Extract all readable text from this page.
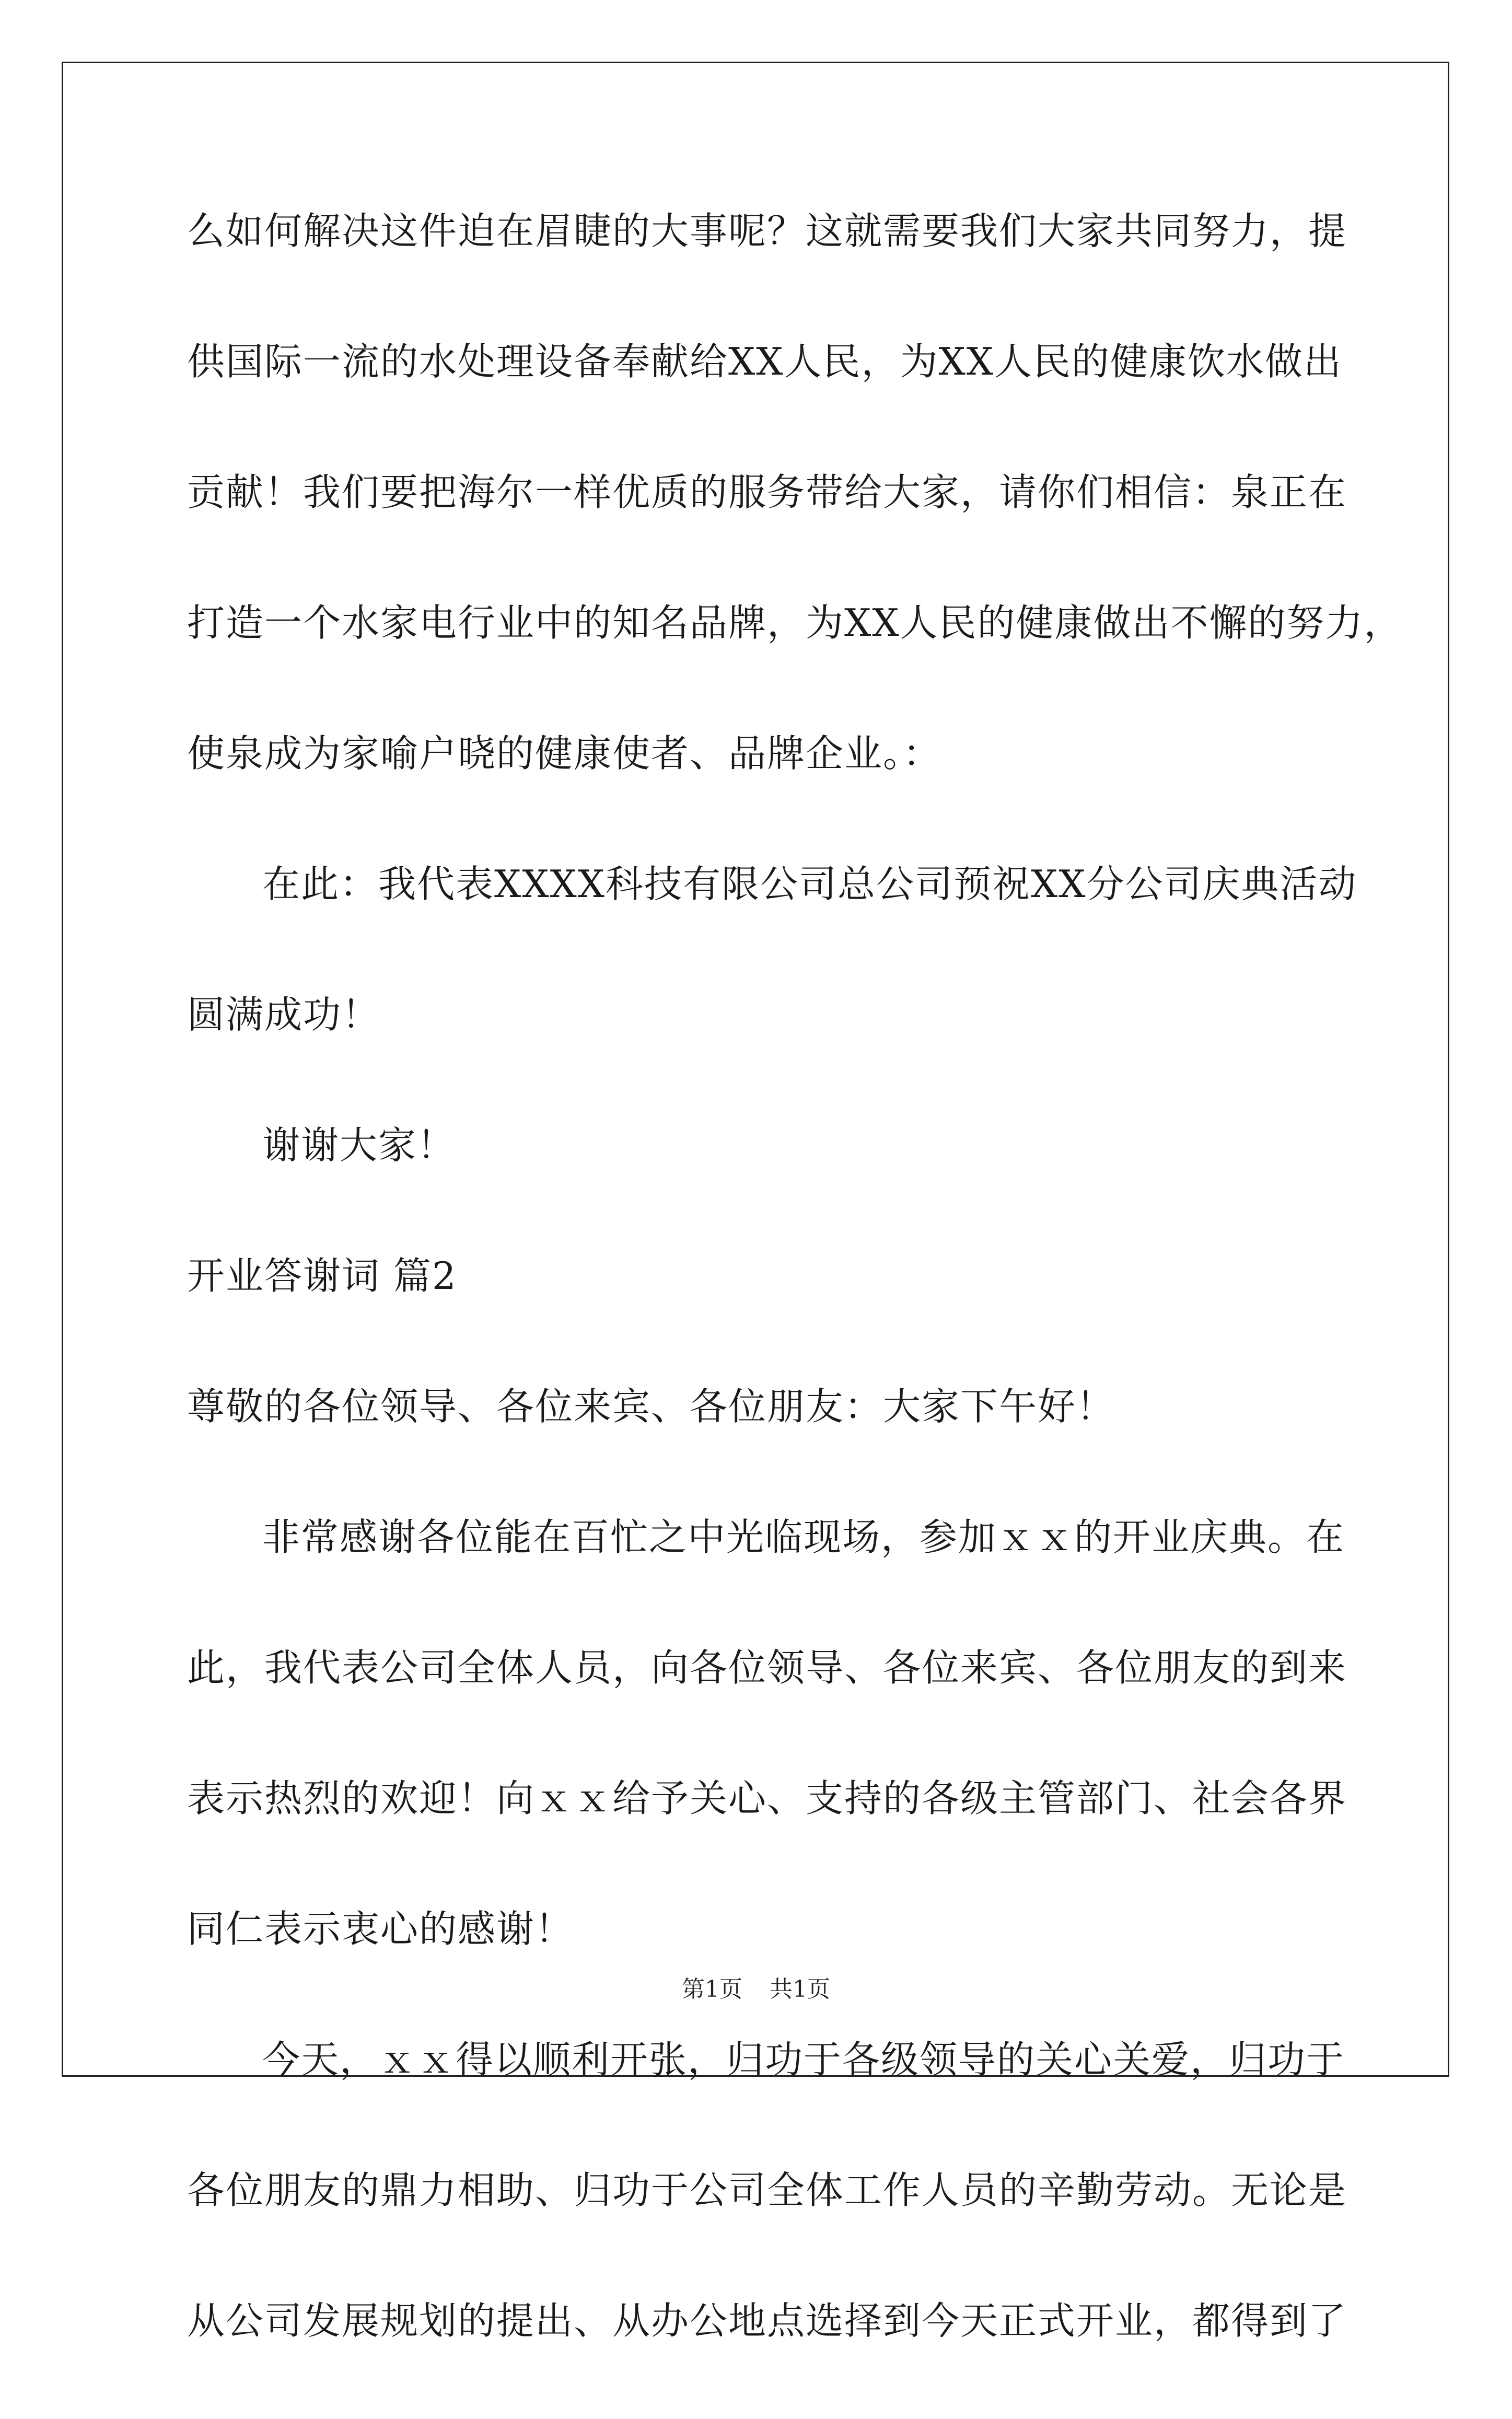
么如何解决这件迫在眉睫的大事呢？这就需要我们大家共同努力，提
供国际一流的水处理设备奉献给XX人民，为XX人民的健康饮水做出
贡献！我们要把海尔一样优质的服务带给大家，请你们相信：泉正在
打造一个水家电行业中的知名品牌，为XX人民的健康做出不懈的努力，
使泉成为家喻户晓的健康使者、品牌企业。：
在此：我代表XXXX科技有限公司总公司预祝XX分公司庆典活动
圆满成功！
谢谢大家！
开业答谢词 篇2
尊敬的各位领导、各位来宾、各位朋友：大家下午好！
非常感谢各位能在百忙之中光临现场，参加ｘｘ的开业庆典。在
此，我代表公司全体人员，向各位领导、各位来宾、各位朋友的到来
表示热烈的欢迎！向ｘｘ给予关心、支持的各级主管部门、社会各界
同仁表示衷心的感谢！
今天，ｘｘ得以顺利开张，归功于各级领导的关心关爱，归功于
各位朋友的鼎力相助、归功于公司全体工作人员的辛勤劳动。无论是
从公司发展规划的提出、从办公地点选择到今天正式开业，都得到了
第1页 共1页
